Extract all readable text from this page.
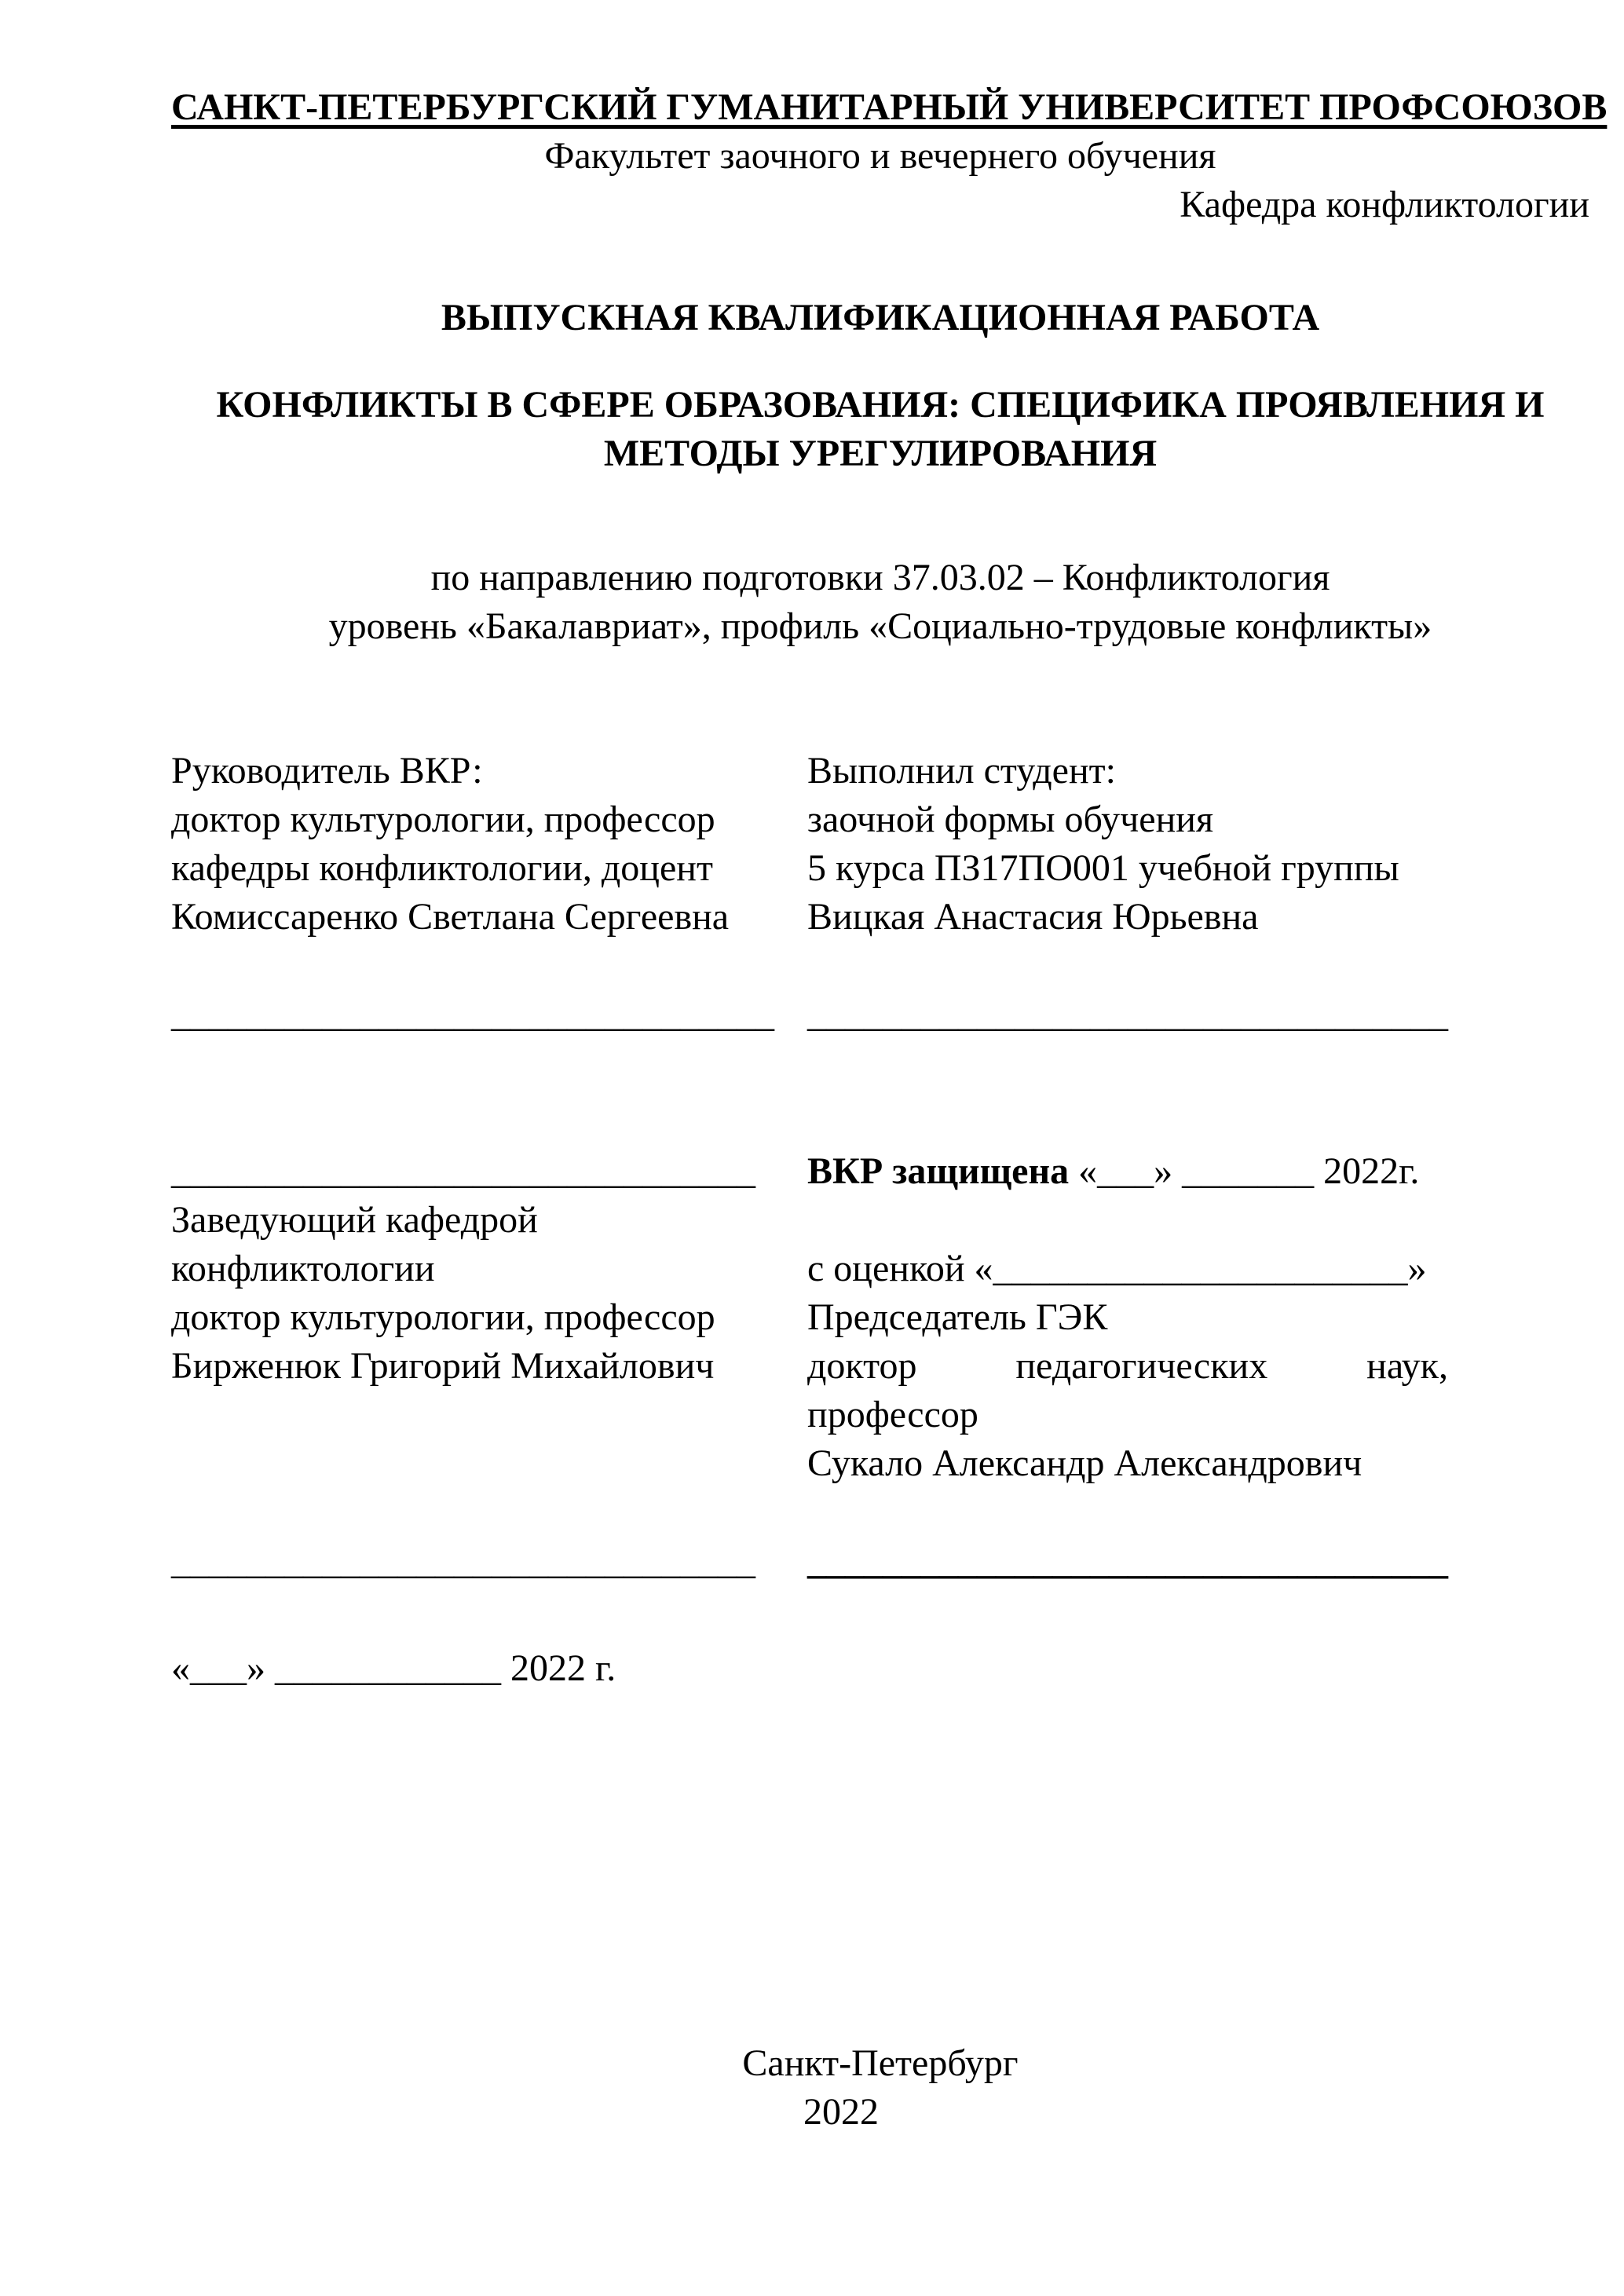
САНКТ-ПЕТЕРБУРГСКИЙ ГУМАНИТАРНЫЙ УНИВЕРСИТЕТ ПРОФСОЮЗОВ
Факультет заочного и вечернего обучения
Кафедра конфликтологии
ВЫПУСКНАЯ КВАЛИФИКАЦИОННАЯ РАБОТА
КОНФЛИКТЫ В СФЕРЕ ОБРАЗОВАНИЯ: СПЕЦИФИКА ПРОЯВЛЕНИЯ И МЕТОДЫ УРЕГУЛИРОВАНИЯ
по направлению подготовки 37.03.02 – Конфликтология
уровень «Бакалавриат», профиль «Социально-трудовые конфликты»
Руководитель ВКР:
доктор культурологии, профессор
кафедры конфликтологии, доцент
Комиссаренко Светлана Сергеевна
Выполнил студент:
заочной формы обучения
5 курса ПЗ17ПО001 учебной группы
Вицкая Анастасия Юрьевна
________________________________ __________________________________
_______________________________
Заведующий кафедрой
конфликтологии
доктор культурологии, профессор
Бирженюк Григорий Михайлович
ВКР защищена «___» _______ 2022г.
с оценкой «______________________»
Председатель ГЭК
доктор педагогических наук,
профессор
Сукало Александр Александрович
_______________________________ __________________________________
«___» ____________ 2022 г.
Санкт-Петербург
2022
